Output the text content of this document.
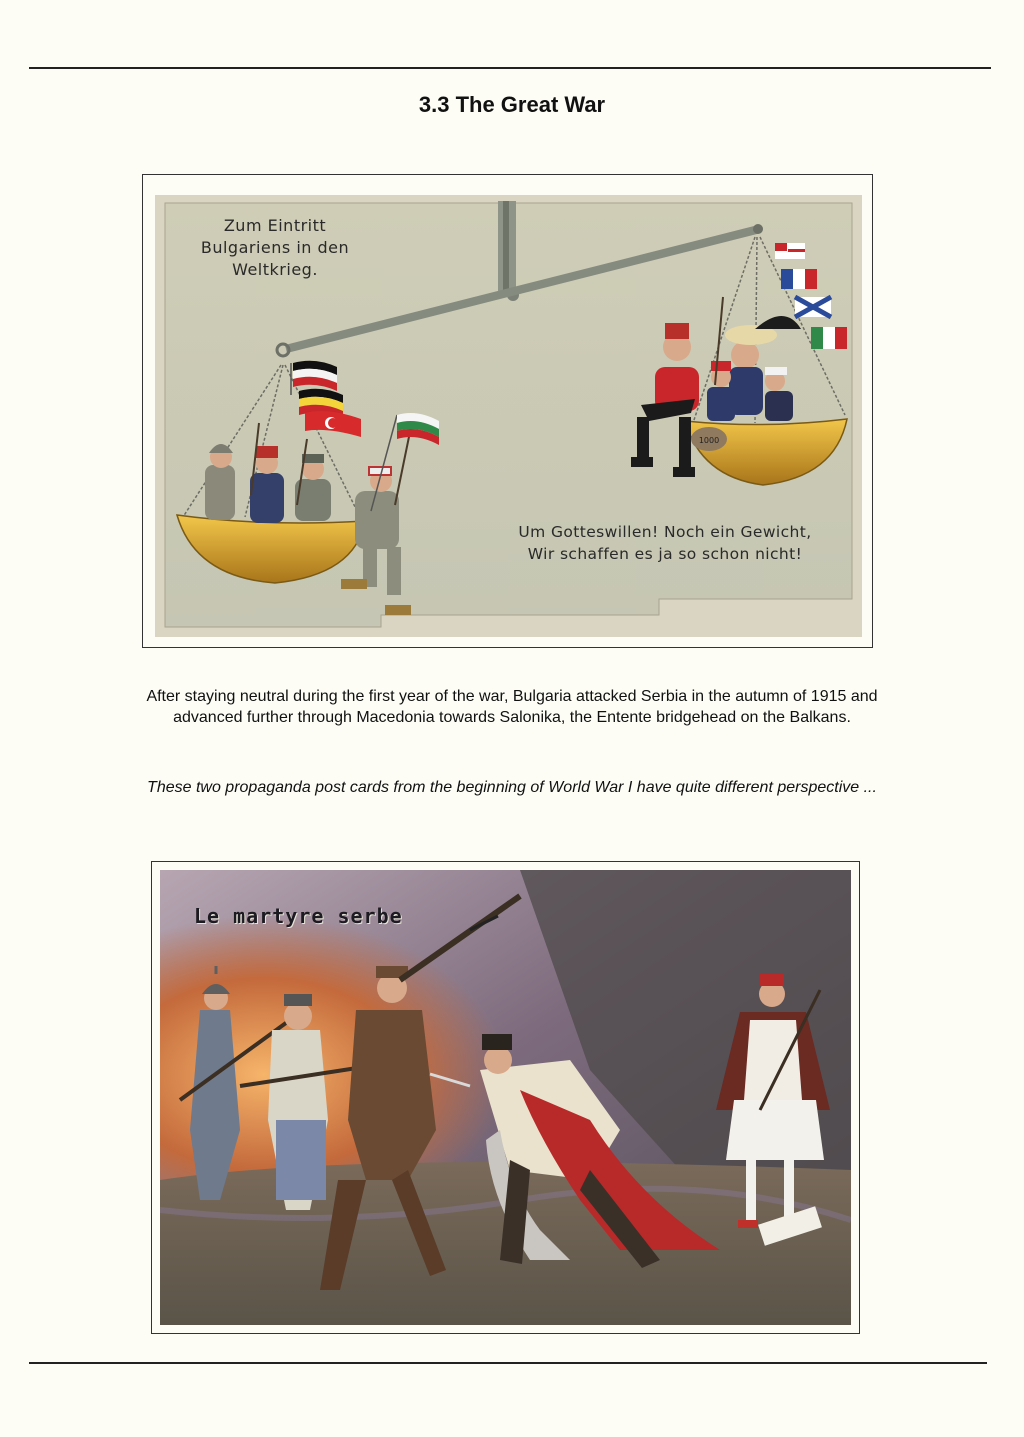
3.3 The Great War
1000
Zum Eintritt
Bulgariens in den
Weltkrieg.
Um Gotteswillen! Noch ein Gewicht,
Wir schaffen es ja so schon nicht!
After staying neutral during the first year of the war, Bulgaria attacked Serbia in the autumn of 1915 and
advanced further through Macedonia towards Salonika, the Entente bridgehead on the Balkans.
These two propaganda post cards from the beginning of World War I have quite different perspective ...
Le martyre serbe
